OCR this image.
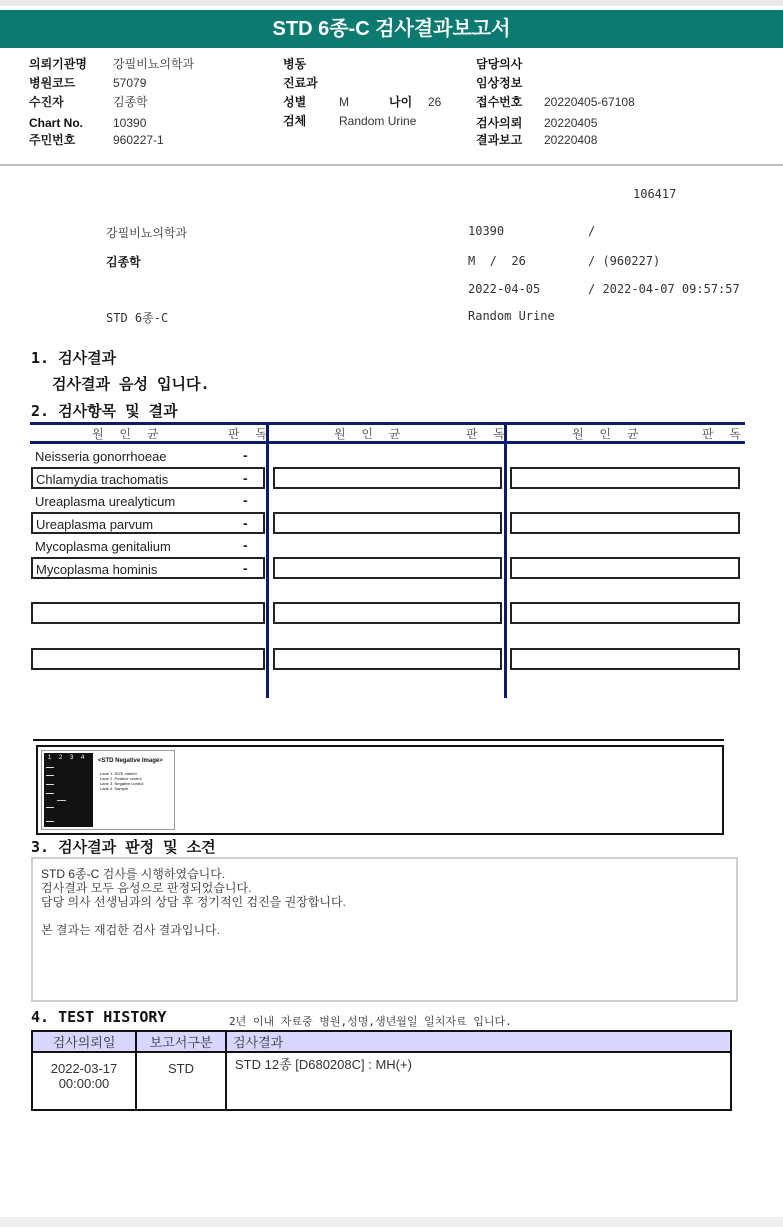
STD 6종-C 검사결과보고서
의뢰기관명 강필비뇨의학과
병원코드	57079
수진자	김종학
Chart No.	10390
주민번호	960227-1
병동
진료과
성별	M	나이 26
검체	Random Urine
담당의사
임상정보
접수번호 20220405-67108
검사의뢰 20220405
결과보고 20220408
106417
강필비뇨의학과	10390	/
김종학	M  /  26	/ (960227)
2022-04-05	/ 2022-04-07 09:57:57
STD 6종-C	Random Urine
1. 검사결과
검사결과 음성 입니다.
2. 검사항목 및 결과
원 인 균	판 독	원 인 균	판 독	원 인 균	판 독
Neisseria gonorrhoeae	-
Chlamydia trachomatis	-
Ureaplasma urealyticum	-
Ureaplasma parvum	-
Mycoplasma genitalium	-
Mycoplasma hominis	-
1 2 3 4 <STD Negative Image>
Lane 1. SIZE marker
Lane 2. Positive control
Lane 3. Negative control
Lane 4. Sample
3. 검사결과 판정 및 소견
STD 6종-C 검사를 시행하였습니다.
검사결과 모두 음성으로 판정되었습니다.
담당 의사 선생님과의 상담 후 정기적인 검진을 권장합니다.
본 결과는 재검한 검사 결과입니다.
4. TEST HISTORY	2년 이내 자료중 병원,성명,생년월일 일치자료 입니다.
검사의뢰일	보고서구분	검사결과

2022-03-17
00:00:00	STD	STD 12종 [D680208C] : MH(+)
